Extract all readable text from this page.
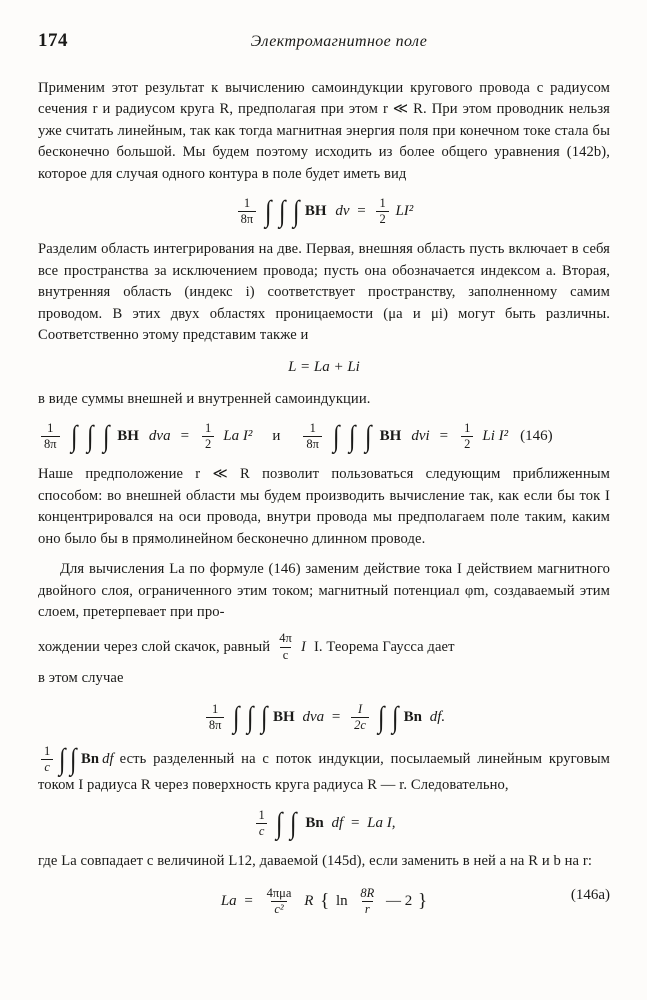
174	Электромагнитное поле

Применим этот результат к вычислению самоиндукции кругового провода с радиусом сечения r и радиусом круга R, предполагая при этом r ≪ R. При этом проводник нельзя уже считать линейным, так как тогда магнитная энергия поля при конечном токе стала бы бесконечно большой. Мы будем поэтому исходить из более общего уравнения (142b), которое для случая одного контура в поле будет иметь вид

$\frac{1}{8\pi}$ ∫ ∫ ∫ BH dv = $\frac{1}{2} LI^2$

Разделим область интегрирования на две. Первая, внешняя область пусть включает в себя все пространства за исключением провода; пусть она обозначается индексом a. Вторая, внутренняя область (индекс i) соответствует пространству, заполненному самим проводом. В этих двух областях проницаемости (μa и μi) могут быть различны. Соответственно этому представим также и

L = La + Li

в виде суммы внешней и внутренней самоиндукции.

$\frac{1}{8\pi}$ ∫ ∫ ∫ BH dva = $\frac{1}{2}$ La I² и $\frac{1}{8\pi}$ ∫ ∫ ∫ BH dvi = $\frac{1}{2}$ Li I² (146)

Наше предположение r ≪ R позволит пользоваться следующим приближенным способом: во внешней области мы будем производить вычисление так, как если бы ток I концентрировался на оси провода, внутри провода мы предполагаем поле таким, каким оно было бы в прямолинейном бесконечно длинном проводе.

Для вычисления La по формуле (146) заменим действие тока I действием магнитного двойного слоя, ограниченного этим током; магнитный потенциал φm, создаваемый этим слоем, претерпевает при про-

хождении через слой скачок, равный $\frac{4\pi}{c}$ I I. Теорема Гаусса дает

в этом случае

$\frac{1}{8\pi}$ ∫ ∫ ∫ BH dva = $\frac{I}{2c}$ ∫ ∫ Bn df.
$\frac{1}{c}$ ∫ ∫ Bn df есть разделенный на c поток индукции, посылаемый линейным круговым током I радиуса R через поверхность круга радиуса R — r. Следовательно,
$\frac{1}{c}$ ∫ ∫ Bn df = La I,

где La совпадает с величиной L12, даваемой (145d), если заменить в ней a на R и b на r:

$La = \frac{\text{4πμa}}{\text{c²}}$ R { $\ln \frac{8R}{r}$ — 2 }	(146a)
